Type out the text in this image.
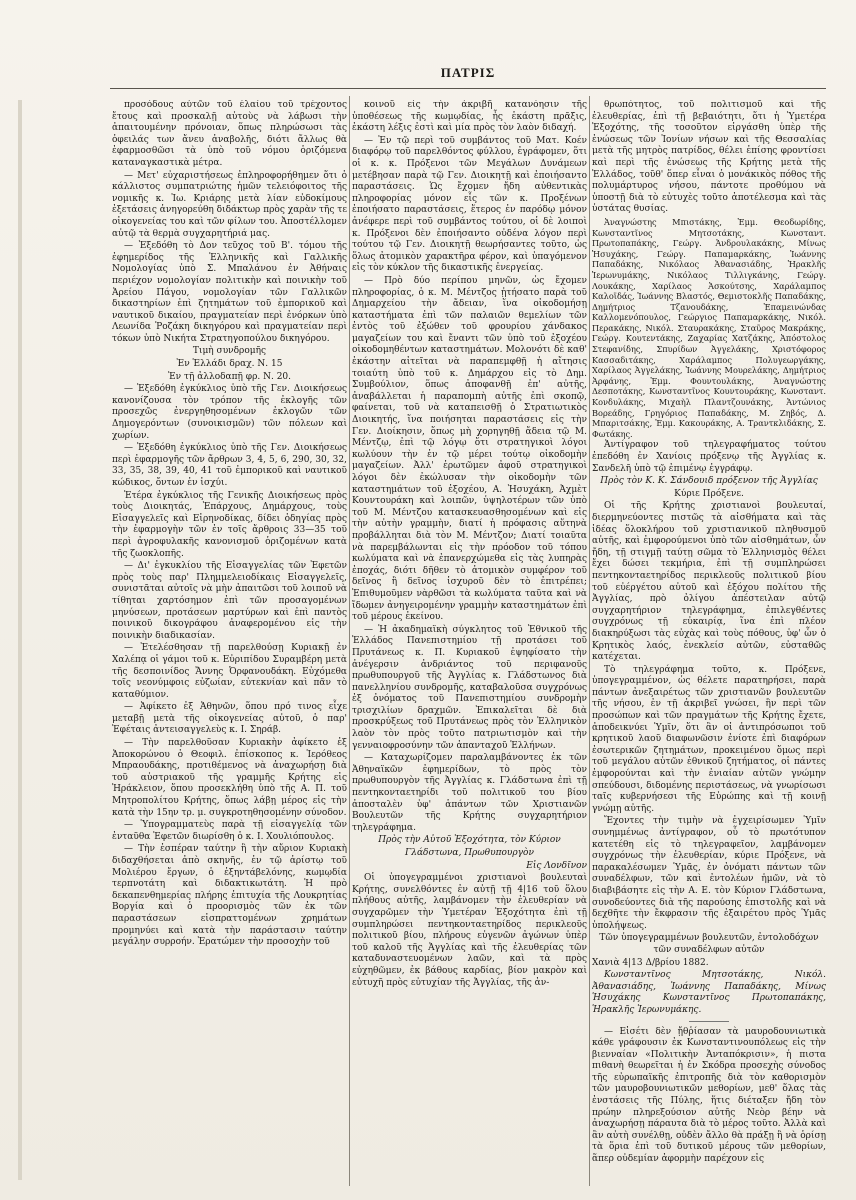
ΠΑΤΡΙΣ

προσόδους αὐτῶν τοῦ ἐλαίου τοῦ τρέχοντος ἔτους καὶ προσκαλῇ αὐτοὺς νὰ λάβωσι τὴν ἀπαιτουμένην πρόνοιαν, ὅπως πληρώσωσι τὰς ὀφειλάς των ἄνευ ἀναβολῆς, διότι ἄλλως θὰ ἐφαρμοσθῶσι τὰ ὑπὸ τοῦ νόμου ὁριζόμενα καταναγκαστικὰ μέτρα.

— Μετ' εὐχαριστήσεως ἐπληροφορήθημεν ὅτι ὁ κάλλιστος συμπατριώτης ἡμῶν τελειόφοιτος τῆς νομικῆς κ. Ἰω. Κριάρης μετὰ λίαν εὐδοκίμους ἐξετάσεις ἀνηγορεύθη διδάκτωρ πρὸς χαρὰν τῆς τε οἰκογενείας του καὶ τῶν φίλων του. Ἀποστέλλομεν αὐτῷ τὰ θερμὰ συγχαρητήριά μας.

— Ἐξεδόθη τὸ Δον τεῦχος τοῦ Β'. τόμου τῆς ἐφημερίδος τῆς Ἑλληνικῆς καὶ Γαλλικῆς Νομολογίας ὑπὸ Σ. Μπαλάνου ἐν Ἀθήναις περιέχον νομολογίαν πολιτικὴν καὶ ποινικὴν τοῦ Ἀρείου Πάγου, νομολογίαν τῶν Γαλλικῶν δικαστηρίων ἐπὶ ζητημάτων τοῦ ἐμπορικοῦ καὶ ναυτικοῦ δικαίου, πραγματείαν περὶ ἐνόρκων ὑπὸ Λεωνίδα Ῥοζάκη δικηγόρου καὶ πραγματείαν περὶ τόκων ὑπὸ Νικήτα Στρατηγοπούλου δικηγόρου.

Τιμὴ συνδρομῆς

Ἐν Ἑλλάδι δραχ. Ν. 15

Ἐν τῇ ἀλλοδαπῇ φρ. Ν. 20.

— Ἐξεδόθη ἐγκύκλιος ὑπὸ τῆς Γεν. Διοικήσεως κανονίζουσα τὸν τρόπον τῆς ἐκλογῆς τῶν προσεχῶς ἐνεργηθησομένων ἐκλογῶν τῶν Δημογερόντων (συνοικισμῶν) τῶν πόλεων καὶ χωρίων.

— Ἐξεδόθη ἐγκύκλιος ὑπὸ τῆς Γεν. Διοικήσεως περὶ ἐφαρμογῆς τῶν ἄρθρων 3, 4, 5, 6, 290, 30, 32, 33, 35, 38, 39, 40, 41 τοῦ ἐμπορικοῦ καὶ ναυτικοῦ κώδικος, ὄντων ἐν ἰσχύι.

Ἑτέρα ἐγκύκλιος τῆς Γενικῆς Διοικήσεως πρὸς τοὺς Διοικητάς, Ἐπάρχους, Δημάρχους, τοὺς Εἰσαγγελεῖς καὶ Εἰρηνοδίκας, δίδει ὁδηγίας πρὸς τὴν ἐφαρμογὴν τῶν ἐν τοῖς ἄρθροις 33—35 τοῦ περὶ ἀγροφυλακῆς κανονισμοῦ ὁριζομένων κατὰ τῆς ζωοκλοπῆς.

— Δι' ἐγκυκλίου τῆς Εἰσαγγελίας τῶν Ἐφετῶν πρὸς τοὺς παρ' Πλημμελειοδίκαις Εἰσαγγελεῖς, συνιστᾶται αὐτοῖς νὰ μὴν ἀπαιτῶσι τοῦ λοιποῦ νὰ τίθηται χαρτόσημον ἐπὶ τῶν προσαγομένων μηνύσεων, προτάσεων μαρτύρων καὶ ἐπὶ παντὸς ποινικοῦ δικογράφου ἀναφερομένου εἰς τὴν ποινικὴν διαδικασίαν.

— Ἐτελέσθησαν τῇ παρελθούσῃ Κυριακῇ ἐν Χαλέπᾳ οἱ γάμοι τοῦ κ. Εὐριπίδου Συραμβέρη μετὰ τῆς δεσποινίδος Ἄννης Ὀρφανουδάκη. Εὐχόμεθα τοῖς νεονύμφοις εὐζωίαν, εὐτεκνίαν καὶ πᾶν τὸ καταθύμιον.

— Ἀφίκετο ἐξ Ἀθηνῶν, ὅπου πρό τινος εἶχε μεταβῇ μετὰ τῆς οἰκογενείας αὐτοῦ, ὁ παρ' Ἐφέταις ἀντεισαγγελεὺς κ. Ι. Σηράβ.

— Τὴν παρελθοῦσαν Κυριακὴν ἀφίκετο ἐξ Ἀποκορώνου ὁ Θεοφιλ. ἐπίσκοπος κ. Ἱερόθεος Μπραουδάκης, προτιθέμενος νὰ ἀναχωρήσῃ διὰ τοῦ αὐστριακοῦ τῆς γραμμῆς Κρήτης εἰς Ἡράκλειον, ὅπου προσεκλήθη ὑπὸ τῆς Α. Π. τοῦ Μητροπολίτου Κρήτης, ὅπως λάβῃ μέρος εἰς τὴν κατὰ τὴν 15ην τρ. μ. συγκροτηθησομένην σύνοδον.

— Ὑπογραμματεὺς παρὰ τῇ εἰσαγγελίᾳ τῶν ἐνταῦθα Ἐφετῶν διωρίσθη ὁ κ. Ι. Χουλιόπουλος.

— Τὴν ἑσπέραν ταύτην ἢ τὴν αὔριον Κυριακὴ διδαχθήσεται ἀπὸ σκηνῆς, ἐν τῷ ἀρίστῳ τοῦ Μολιέρου ἔργων, ὁ ἐξηντάβελόνης, κωμῳδία τερπνοτάτη καὶ διδακτικωτάτη. Ἡ πρὸ δεκαπενθημερίας πλήρης ἐπιτυχία τῆς Λουκρητίας Βοργία καὶ ὁ προορισμὸς τῶν ἐκ τῶν παραστάσεων εἰσπραττομένων χρημάτων προμηνύει καὶ κατὰ τὴν παράστασιν ταύτην μεγάλην συρροήν. Ἐρατώμεν τὴν προσοχὴν τοῦ

κοινοῦ εἰς τὴν ἀκριβῆ κατανόησιν τῆς ὑποθέσεως τῆς κωμῳδίας, ἧς ἑκάστη πρᾶξις, ἑκάστη λέξις ἐστὶ καὶ μία πρὸς τὸν λαὸν διδαχή.

— Ἐν τῷ περὶ τοῦ συμβάντος τοῦ Ματ. Κοέν διαφόρῳ τοῦ παρελθόντος φύλλου, ἐγράφομεν, ὅτι οἱ κ. κ. Πρόξενοι τῶν Μεγάλων Δυνάμεων μετέβησαν παρὰ τῷ Γεν. Διοικητῇ καὶ ἐποιήσαντο παραστάσεις. Ὡς ἔχομεν ἤδη αὐθεντικὰς πληροφορίας μόνον εἷς τῶν κ. Προξένων ἐποιήσατο παραστάσεις, ἕτερος ἐν παρόδῳ μόνον ἀνέφερε περὶ τοῦ συμβάντος τούτου, οἱ δὲ λοιποὶ κ. Πρόξενοι δὲν ἐποιήσαντο οὐδένα λόγον περὶ τούτου τῷ Γεν. Διοικητῇ θεωρήσαντες τοῦτο, ὡς ὅλως ἀτομικὸν χαρακτῆρα φέρον, καὶ ὑπαγόμενον εἰς τὸν κύκλον τῆς δικαστικῆς ἐνεργείας.

— Πρὸ δύο περίπου μηνῶν, ὡς ἔχομεν πληροφορίας, ὁ κ. Μ. Μέντζος ᾐτήσατο παρὰ τοῦ Δημαρχείου τὴν ἄδειαν, ἵνα οἰκοδομήσῃ καταστήματα ἐπὶ τῶν παλαιῶν θεμελίων τῶν ἐντὸς τοῦ ἐξώθεν τοῦ φρουρίου χάνδακος μαγαζείων του καὶ ἔναντι τῶν ὑπὸ τοῦ ἐξοχέου οἰκοδομηθέντων καταστημάτων. Μολονότι δὲ καθ' ἑκάστην αἰτεῖται νὰ παραπεμφθῇ ἡ αἴτησις τοιαύτη ὑπὸ τοῦ κ. Δημάρχου εἰς τὸ Δημ. Συμβούλιον, ὅπως ἀποφανθῇ ἐπ' αὐτῆς, ἀναβάλλεται ἡ παραπομπὴ αὐτῆς ἐπὶ σκοπῷ, φαίνεται, τοῦ νὰ καταπεισθῇ ὁ Στρατιωτικὸς Διοικητής, ἵνα ποιήσηται παραστάσεις εἰς τὴν Γεν. Διοίκησιν, ὅπως μὴ χορηγηθῇ ἄδεια τῷ Μ. Μέντζῳ, ἐπὶ τῷ λόγῳ ὅτι στρατηγικοὶ λόγοι κωλύουν τὴν ἐν τῷ μέρει τούτῳ οἰκοδομὴν μαγαζείων. Ἀλλ' ἐρωτῶμεν ἀφοῦ στρατηγικοὶ λόγοι δὲν ἐκώλυσαν τὴν οἰκοδομὴν τῶν καταστημάτων τοῦ ἐξοχέου, Α. Ἠσυχάκη, Ἀχμὲτ Κουντουράκη καὶ λοιπῶν, ὑψηλοτέρων τῶν ὑπὸ τοῦ Μ. Μέντζου κατασκευασθησομένων καὶ εἰς τὴν αὐτὴν γραμμὴν, διατί ἡ πρόφασις αὕτηνὰ προβάλληται διὰ τὸν Μ. Μέντζον; Διατί τοιαῦτα νὰ παρεμβάλωνται εἰς τὴν πρόοδον τοῦ τόπου κωλύματα καὶ νὰ ἐπανερχώμεθα εἰς τὰς λυπηρὰς ἐποχάς, διότι δῆθεν τὸ ἀτομικὸν συμφέρον τοῦ δεῖνος ἢ δεῖνος ἰσχυροῦ δὲν τὸ ἐπιτρέπει; Ἐπιθυμοῦμεν νὰρθῶσι τὰ κωλύματα ταῦτα καὶ νὰ ἴδωμεν ἀνηγειρομένην γραμμὴν καταστημάτων ἐπὶ τοῦ μέρους ἐκείνου.

— Ἡ ἀκαδημαϊκὴ σύγκλητος τοῦ Ἐθνικοῦ τῆς Ἑλλάδος Πανεπιστημίου τῇ προτάσει τοῦ Πρυτάνεως κ. Π. Κυριακοῦ ἐψηφίσατο τὴν ἀνέγερσιν ἀνδριάντος τοῦ περιφανοῦς πρωθυπουργοῦ τῆς Ἀγγλίας κ. Γλάδστωνος διὰ πανελληνίου συνδρομῆς, καταβαλοῦσα συγχρόνως ἐξ ὀνόματος τοῦ Πανεπιστημίου συνδρομὴν τρισχιλίων δραχμῶν. Ἐπικαλεῖται δὲ διὰ προσκρύξεως τοῦ Πρυτάνεως πρὸς τὸν Ἑλληνικὸν λαὸν τὸν πρὸς τοῦτο πατριωτισμὸν καὶ τὴν γενναιοφροσύνην τῶν ἁπανταχοῦ Ἑλλήνων.

— Καταχωρίζομεν παραλαμβάνοντες ἐκ τῶν Ἀθηναϊκῶν ἐφημερίδων, τὸ πρὸς τὸν πρωθυπουργὸν τῆς Ἀγγλίας κ. Γλάδστωνα ἐπὶ τῇ πεντηκονταετηρίδι τοῦ πολιτικοῦ του βίου ἀποσταλὲν ὑφ' ἁπάντων τῶν Χριστιανῶν Βουλευτῶν τῆς Κρήτης συγχαρητήριον τηλεγράφημα.

Πρὸς τὴν Αὐτοῦ Ἐξοχότητα, τὸν Κύριον

Γλάδστωνα, Πρωθυπουργὸν

Εἰς Λονδῖνον

Οἱ ὑπογεγραμμένοι χριστιανοὶ βουλευταὶ Κρήτης, συνελθόντες ἐν αὐτῇ τῇ 4|16 τοῦ ὅλου πλήθους αὐτῆς, λαμβάνομεν τὴν ἐλευθερίαν νὰ συγχαρῶμεν τὴν Ὑμετέραν Ἐξοχότητα ἐπὶ τῇ συμπληρώσει πεντηκονταετηρίδος περικλεοῦς πολιτικοῦ βίου, πλήρους εὐγενῶν ἀγώνων ὑπὲρ τοῦ καλοῦ τῆς Ἀγγλίας καὶ τῆς ἐλευθερίας τῶν καταδυναστευομένων λαῶν, καὶ τὰ πρὸς εὐχηθῶμεν, ἐκ βάθους καρδίας, βίον μακρὸν καὶ εὐτυχῆ πρὸς εὐτυχίαν τῆς Ἀγγλίας, τῆς ἀν-

θρωπότητος, τοῦ πολιτισμοῦ καὶ τῆς ἐλευθερίας, ἐπὶ τῇ βεβαιότητι, ὅτι ἡ Ὑμετέρα Ἐξοχότης, τῆς τοσοῦτον εἰργάσθη ὑπὲρ τῆς ἑνώσεως τῶν Ἰονίων νήσων καὶ τῆς Θεσσαλίας μετὰ τῆς μητρὸς πατρίδος, θέλει ἐπίσης φροντίσει καὶ περὶ τῆς ἑνώσεως τῆς Κρήτης μετὰ τῆς Ἑλλάδος, τοῦθ' ὅπερ εἶναι ὁ μονάκικὸς πόθος τῆς πολυμάρτυρος νήσου, πάντοτε προθύμου νὰ ὑποστῇ διὰ τὸ εὐτυχὲς τοῦτο ἀποτέλεσμα καὶ τὰς ὑστάτας θυσίας.

Ἀναγνώστης Μπιστάκης, Ἐμμ. Θεοδωρίδης, Κωνσταντῖνος Μητσοτάκης, Κωνσταντ. Πρωτοπαπάκης, Γεώργ. Ἀνδρουλακάκης, Μίνως Ἡσυχάκης, Γεώργ. Παπαμαρκάκης, Ἰωάννης Παπαδάκης, Νικόλαος Ἀθανασιάδης, Ἡρακλῆς Ἱερωνυμάκης, Νικόλαος Τιλλιγκάνης, Γεώργ. Λουκάκης, Χαρίλαος Ἀσκούτσης, Χαράλαμπος Καλοϊδάς, Ἰωάννης Βλαστός, Θεμιστοκλῆς Παπαδάκης, Δημήτριος Τζανουδάκης, Ἐπαμεινώνδας Καλλομενόπουλος, Γεώργιος Παπαμαρκάκης, Νικόλ. Περακάκης, Νικόλ. Σταυρακάκης, Σταῦρος Μακράκης, Γεώργ. Κουτεντάκης, Ζαχαρίας Χατζάκης, Ἀπόστολος Στεφανίδης, Σπυρίδων Ἀγγελάκης, Χριστόφορος Κασσαδιτάκης, Χαράλαμπος Πολυγεωργάκης, Χαρίλαος Ἀγγελάκης, Ἰωάννης Μουρελάκης, Δημήτριος Ἀρφάνης, Ἐμμ. Φουντουλάκης, Ἀναγνώστης Δεσποτάκης, Κωνσταντῖνος Κουντουράκης, Κωνσταντ. Κονδυλάκης, Μιχαὴλ Πλαντζουνάκης, Ἀντώνιος Βορεάδης, Γρηγόριος Παπαδάκης, Μ. Ζηβός, Δ. Μπαριτσάκης, Ἐμμ. Κακουράκης, Α. Τραντκλιδάκης, Σ. Φωτάκης.

Ἀντίγραφον τοῦ τηλεγραφήματος τούτου ἐπεδόθη ἐν Χανίοις πρόξενῳ τῆς Ἀγγλίας κ. Σανδελῆ ὑπὸ τῷ ἐπιμένῳ ἐγγράφῳ.

Πρὸς τὸν Κ. Κ. Σάνδουιδ πρόξενον τῆς Ἀγγλίας

Κύριε Πρόξενε.

Οἱ τῆς Κρήτης χριστιανοὶ βουλευταί, διερμηνεύοντες πιστῶς τὰ αἰσθήματα καὶ τὰς ἰδέας ὅλοκλήρου τοῦ χριστιανικοῦ πληθυσμοῦ αὐτῆς, καὶ ἐμφορούμενοι ὑπὸ τῶν αἰσθημάτων, ὧν ἤδη, τῇ στιγμῇ ταύτῃ σῶμα τὸ Ἑλληνισμὸς θέλει ἔχει δώσει τεκμήρια, ἐπὶ τῇ συμπληρώσει πεντηκονταετηρίδος περικλεοῦς πολιτικοῦ βίου τοῦ εὐέργέτου αὐτοῦ καὶ ἐξόχου πολίτου τῆς Ἀγγλίας, πρὸ ὀλίγου ἀπέστειλαν αὐτῷ συγχαρητήριον τηλεγράφημα, ἐπιλεγθέντες συγχρόνως τῇ εὐκαιρίᾳ, ἵνα ἐπὶ πλέον διακηρύξωσι τὰς εὐχὰς καὶ τοὺς πόθους, ὑφ' ὧν ὁ Κρητικὸς λαός, ἐνεκλείσ αὐτῶν, εὐσταθῶς κατέχεται.

Τὸ τηλεγράφημα τοῦτο, κ. Πρόξενε, ὑπογεγραμμένον, ὡς θέλετε παρατηρήσει, παρὰ πάντων ἀνεξαιρέτως τῶν χριστιανῶν βουλευτῶν τῆς νήσου, ἐν τῇ ἀκριβεῖ γνώσει, ἣν περὶ τῶν προσώπων καὶ τῶν πραγμάτων τῆς Κρήτης ἔχετε, ἀποδεικνύει Ὑμῖν, ὅτι ἂν οἱ ἀντιπρόσωποι τοῦ κρητικοῦ λαοῦ διαφωνῶσιν ἐνίοτε ἐπὶ διαφόρων ἐσωτερικῶν ζητημάτων, προκειμένου ὅμως περὶ τοῦ μεγάλου αὐτῶν ἐθνικοῦ ζητήματος, οἱ πάντες ἐμφορούνται καὶ τὴν ἐνιαίαν αὐτῶν γνώμην σπεύδουσι, διδομένης περιστάσεως, νὰ γνωρίσωσι ταῖς κυβερνήσεσι τῆς Εὐρώπης καὶ τῇ κοινῇ γνώμῃ αὐτῆς.

Ἔχοντες τὴν τιμὴν νὰ ἐγχειρίσωμεν Ὑμῖν συνημμένως ἀντίγραφον, οὗ τὸ πρωτότυπον κατετέθη εἰς τὸ τηλεγραφεῖον, λαμβάνομεν συγχρόνως τὴν ἐλευθερίαν, κύριε Πρόξενε, νὰ παρακαλέσωμεν Ὑμᾶς, ἐν ὀνόματι πάντων τῶν συναδέλφων, τῶν καὶ ἐντολέων ἡμῶν, νὰ τὸ διαβιβάσητε εἰς τὴν Α. Ε. τὸν Κύριον Γλάδστωνα, συνοδεύοντες διὰ τῆς παρούσης ἐπιστολῆς καὶ νὰ δεχθῆτε τὴν ἔκφρασιν τῆς ἐξαιρέτου πρὸς Ὑμᾶς ὑπολήψεως.

Τῶν ὑπογεγραμμένων βουλευτῶν, ἐντολοδόχων τῶν συναδέλφων αὐτῶν

Χανιὰ 4|13 Δ/βρίου 1882.

Κωνσταντῖνος Μητσοτάκης, Νικόλ. Ἀθανασιάδης, Ἰωάννης Παπαδάκης, Μίνως Ἡσυχάκης Κωνσταντῖνος Πρωτοπαπάκης, Ἡρακλῆς Ἱερωνυμάκης.

— Εἰσέτι δὲν ᾔθῥίασαν τὰ μαυροδουνιωτικὰ κάθε γράφουσιν ἐκ Κωνσταντινουπόλεως εἰς τὴν βιενναίαν «Πολιτικὴν Ἀνταπόκρισιν», ἡ πιστα πιθανὴ θεωρεῖται ἡ ἐν Σκόδρα προσεχὴς σύνοδος τῆς εὐρωπαϊκῆς ἐπιτροπῆς διὰ τὸν καθορισμὸν τῶν μαυροβουνιωτικῶν μεθορίων, μεθ' ὅλας τὰς ἐνστάσεις τῆς Πύλης, ἥτις διέταξεν ἤδη τὸν πρώην πληρεξούσιον αὐτῆς Νεὸρ βέην νὰ ἀναχωρήσῃ πάραυτα διὰ τὸ μέρος τοῦτο. Ἀλλὰ καὶ ἂν αὐτὴ συνέλθῃ, οὐδὲν ἄλλο θὰ πράξῃ ἢ νὰ ὁρίσῃ τὰ ὅρια ἐπὶ τοῦ δυτικοῦ μέρους τῶν μεθορίων, ἅπερ οὐδεμίαν ἀφορμὴν παρέχουν εἰς
